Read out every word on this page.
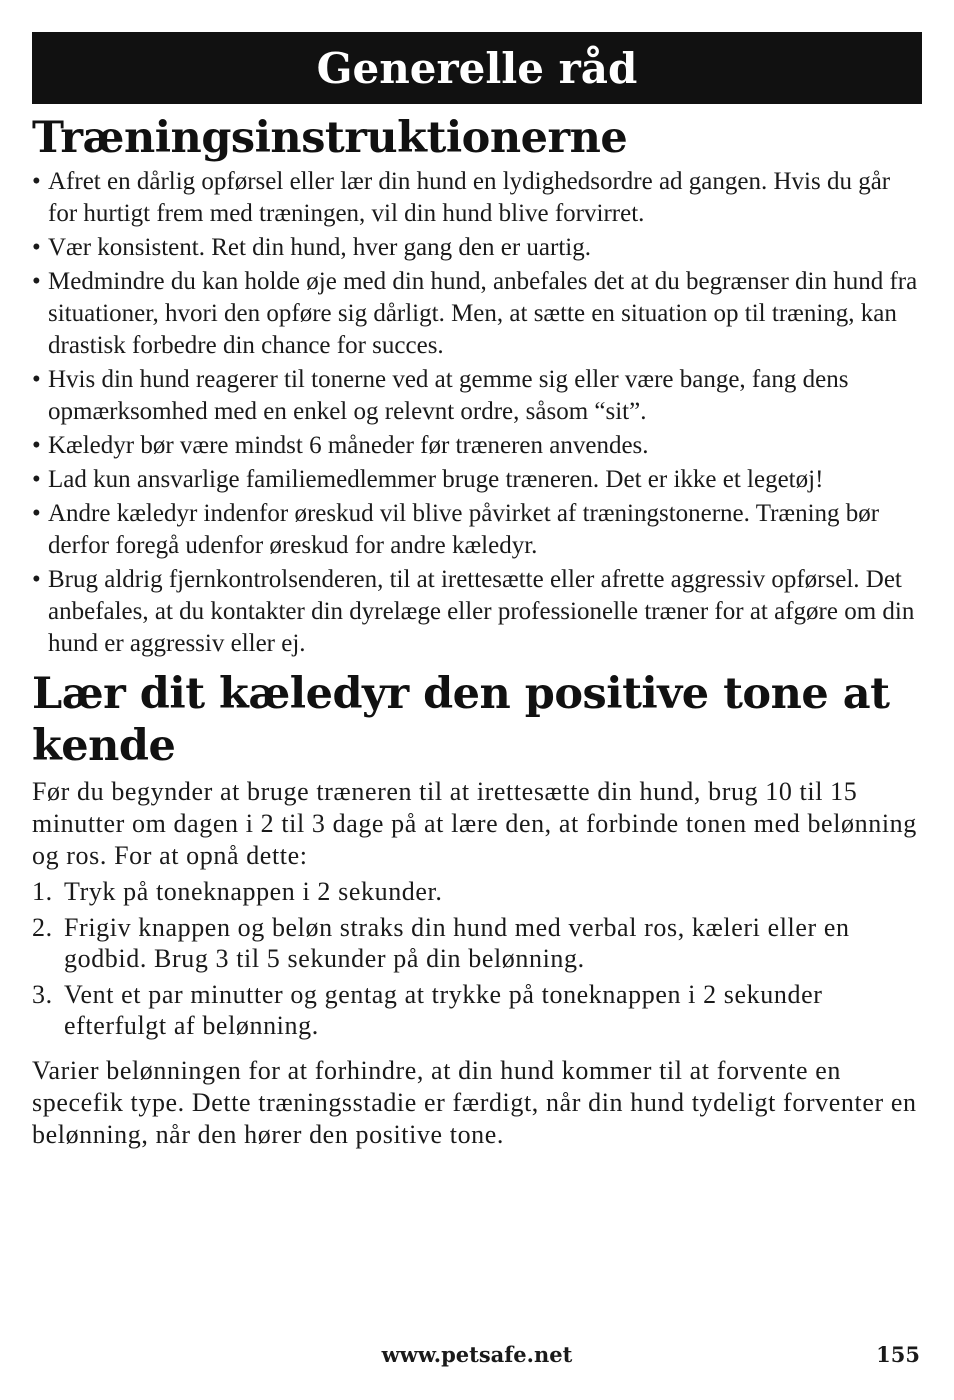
Generelle råd
Træningsinstruktionerne
• Afret en dårlig opførsel eller lær din hund en lydighedsordre ad gangen. Hvis du går for hurtigt frem med træningen, vil din hund blive forvirret.
• Vær konsistent. Ret din hund, hver gang den er uartig.
• Medmindre du kan holde øje med din hund, anbefales det at du begrænser din hund fra situationer, hvori den opføre sig dårligt. Men, at sætte en situation op til træning, kan drastisk forbedre din chance for succes.
• Hvis din hund reagerer til tonerne ved at gemme sig eller være bange, fang dens opmærksomhed med en enkel og relevnt ordre, såsom “sit”.
• Kæledyr bør være mindst 6 måneder før træneren anvendes.
• Lad kun ansvarlige familiemedlemmer bruge træneren. Det er ikke et legetøj!
• Andre kæledyr indenfor øreskud vil blive påvirket af træningstonerne. Træning bør derfor foregå udenfor øreskud for andre kæledyr.
• Brug aldrig fjernkontrolsenderen, til at irettesætte eller afrette aggressiv opførsel. Det anbefales, at du kontakter din dyrelæge eller professionelle træner for at afgøre om din hund er aggressiv eller ej.
Lær dit kæledyr den positive tone at kende

Før du begynder at bruge træneren til at irettesætte din hund, brug 10 til 15 minutter om dagen i 2 til 3 dage på at lære den, at forbinde tonen med belønning og ros. For at opnå dette:

1. Tryk på toneknappen i 2 sekunder.
2. Frigiv knappen og beløn straks din hund med verbal ros, kæleri eller en godbid. Brug 3 til 5 sekunder på din belønning.
3. Vent et par minutter og gentag at trykke på toneknappen i 2 sekunder efterfulgt af belønning.

Varier belønningen for at forhindre, at din hund kommer til at forvente en specefik type. Dette træningsstadie er færdigt, når din hund tydeligt forventer en belønning, når den hører den positive tone.

www.petsafe.net	155
